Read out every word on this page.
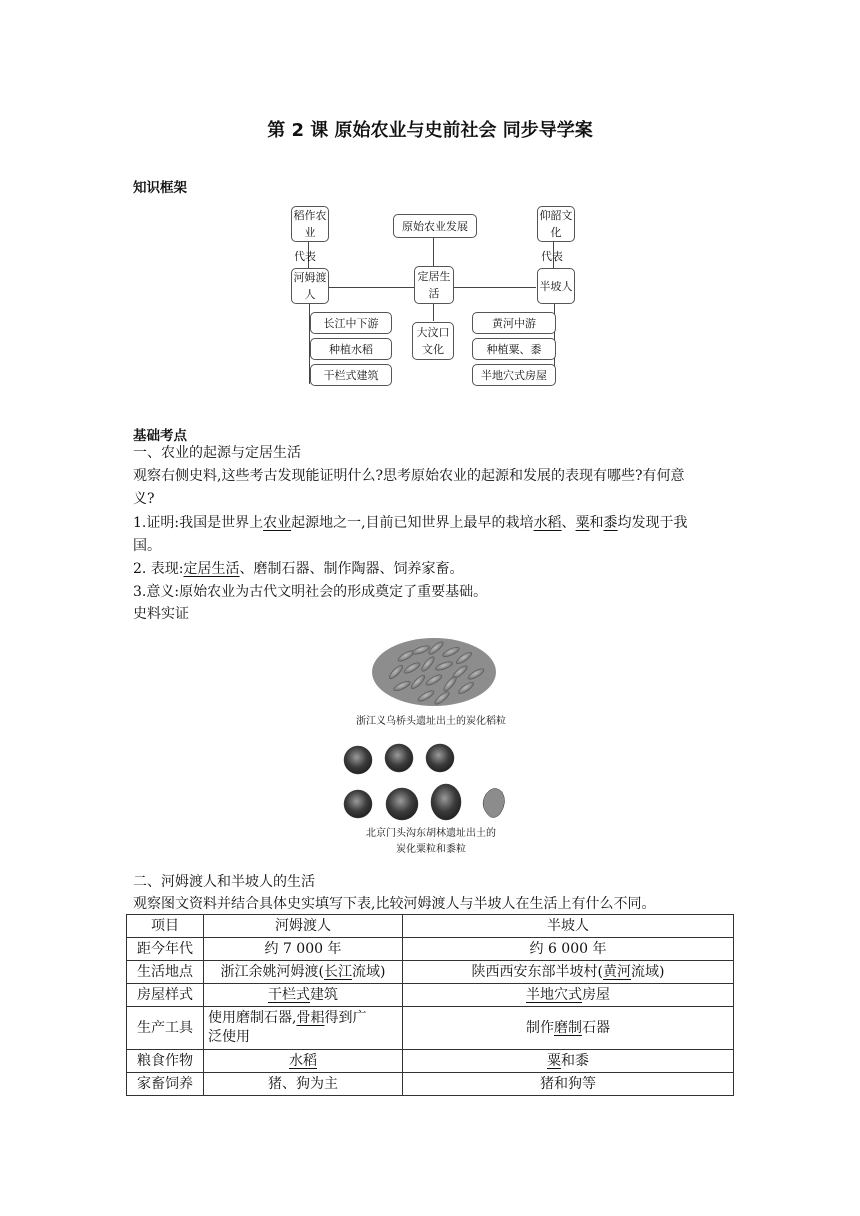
第 2 课 原始农业与史前社会 同步导学案
知识框架
原始农业发展
定居生活
大汶口文化
稻作农业
代表
河姆渡人
长江中下游
种植水稻
干栏式建筑
仰韶文化
代表
半坡人
黄河中游
种植粟、黍
半地穴式房屋
基础考点
一、农业的起源与定居生活
观察右侧史料,这些考古发现能证明什么?思考原始农业的起源和发展的表现有哪些?有何意
义?
1.证明:我国是世界上农业起源地之一,目前已知世界上最早的栽培水稻、粟和黍均发现于我
国。
2. 表现:定居生活、磨制石器、制作陶器、饲养家畜。
3.意义:原始农业为古代文明社会的形成奠定了重要基础。
史料实证
浙江义乌桥头遗址出土的炭化稻粒
北京门头沟东胡林遗址出土的
炭化粟粒和黍粒
二、河姆渡人和半坡人的生活
观察图文资料并结合具体史实填写下表,比较河姆渡人与半坡人在生活上有什么不同。
项目	河姆渡人	半坡人
距今年代	约 7 000 年	约 6 000 年
生活地点	浙江余姚河姆渡(长江流域)	陕西西安东部半坡村(黄河流域)
房屋样式	干栏式建筑	半地穴式房屋
生产工具	使用磨制石器,骨耜得到广
泛使用	制作磨制石器
粮食作物	水稻	粟和黍
家畜饲养	猪、狗为主	猪和狗等
